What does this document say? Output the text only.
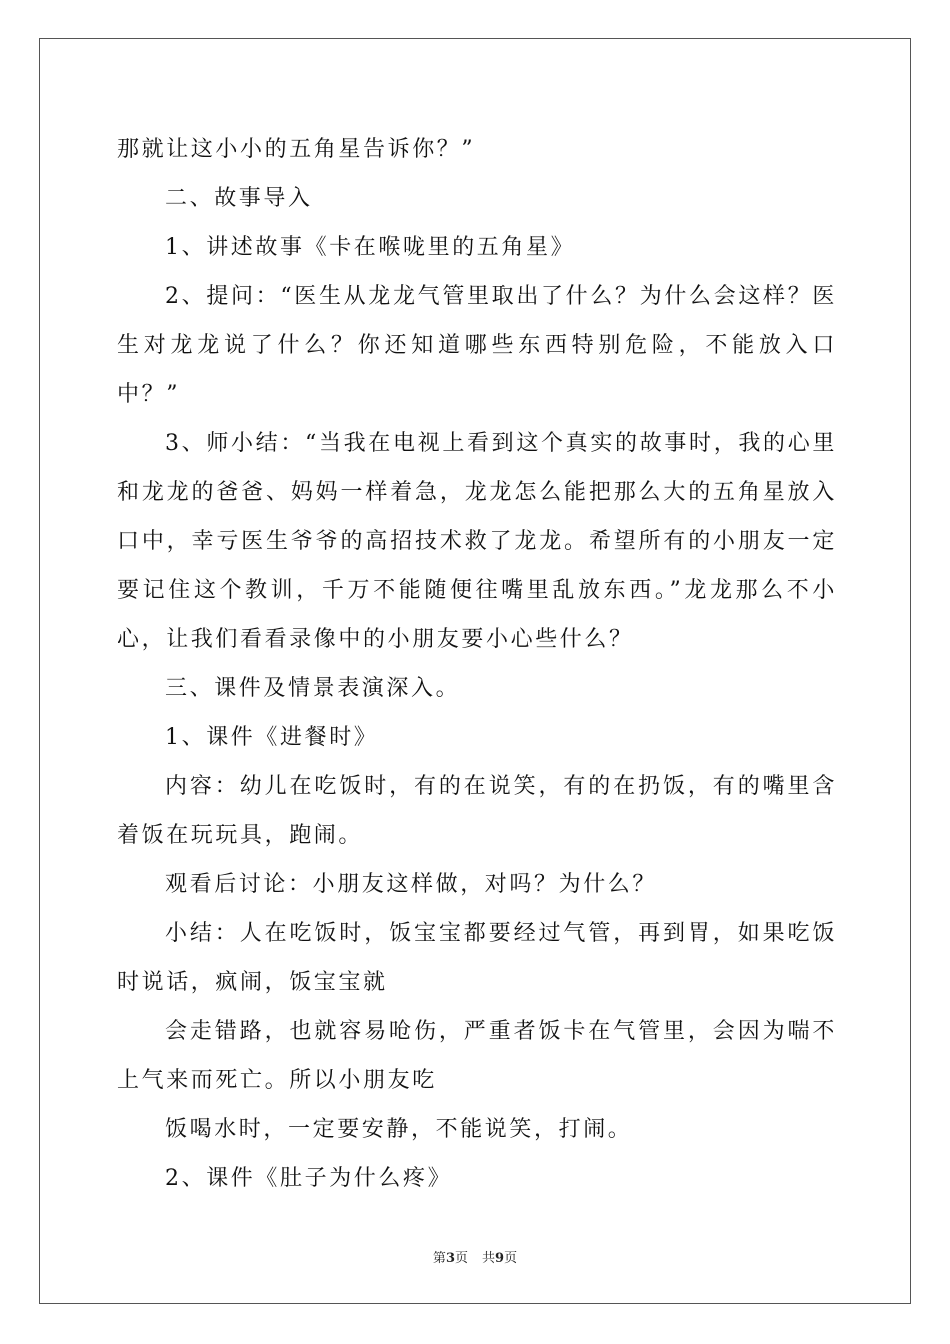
那就让这小小的五角星告诉你？”

二、故事导入

1、讲述故事《卡在喉咙里的五角星》

2、提问：“医生从龙龙气管里取出了什么？为什么会这样？医生对龙龙说了什么？你还知道哪些东西特别危险，不能放入口中？”

3、师小结：“当我在电视上看到这个真实的故事时，我的心里和龙龙的爸爸、妈妈一样着急，龙龙怎么能把那么大的五角星放入口中，幸亏医生爷爷的高招技术救了龙龙。希望所有的小朋友一定要记住这个教训，千万不能随便往嘴里乱放东西。”龙龙那么不小心，让我们看看录像中的小朋友要小心些什么？

三、课件及情景表演深入。

1、课件《进餐时》

内容：幼儿在吃饭时，有的在说笑，有的在扔饭，有的嘴里含着饭在玩玩具，跑闹。

观看后讨论：小朋友这样做，对吗？为什么？

小结：人在吃饭时，饭宝宝都要经过气管，再到胃，如果吃饭时说话，疯闹，饭宝宝就

会走错路，也就容易呛伤，严重者饭卡在气管里，会因为喘不上气来而死亡。所以小朋友吃

饭喝水时，一定要安静，不能说笑，打闹。

2、课件《肚子为什么疼》

第3页 共9页
